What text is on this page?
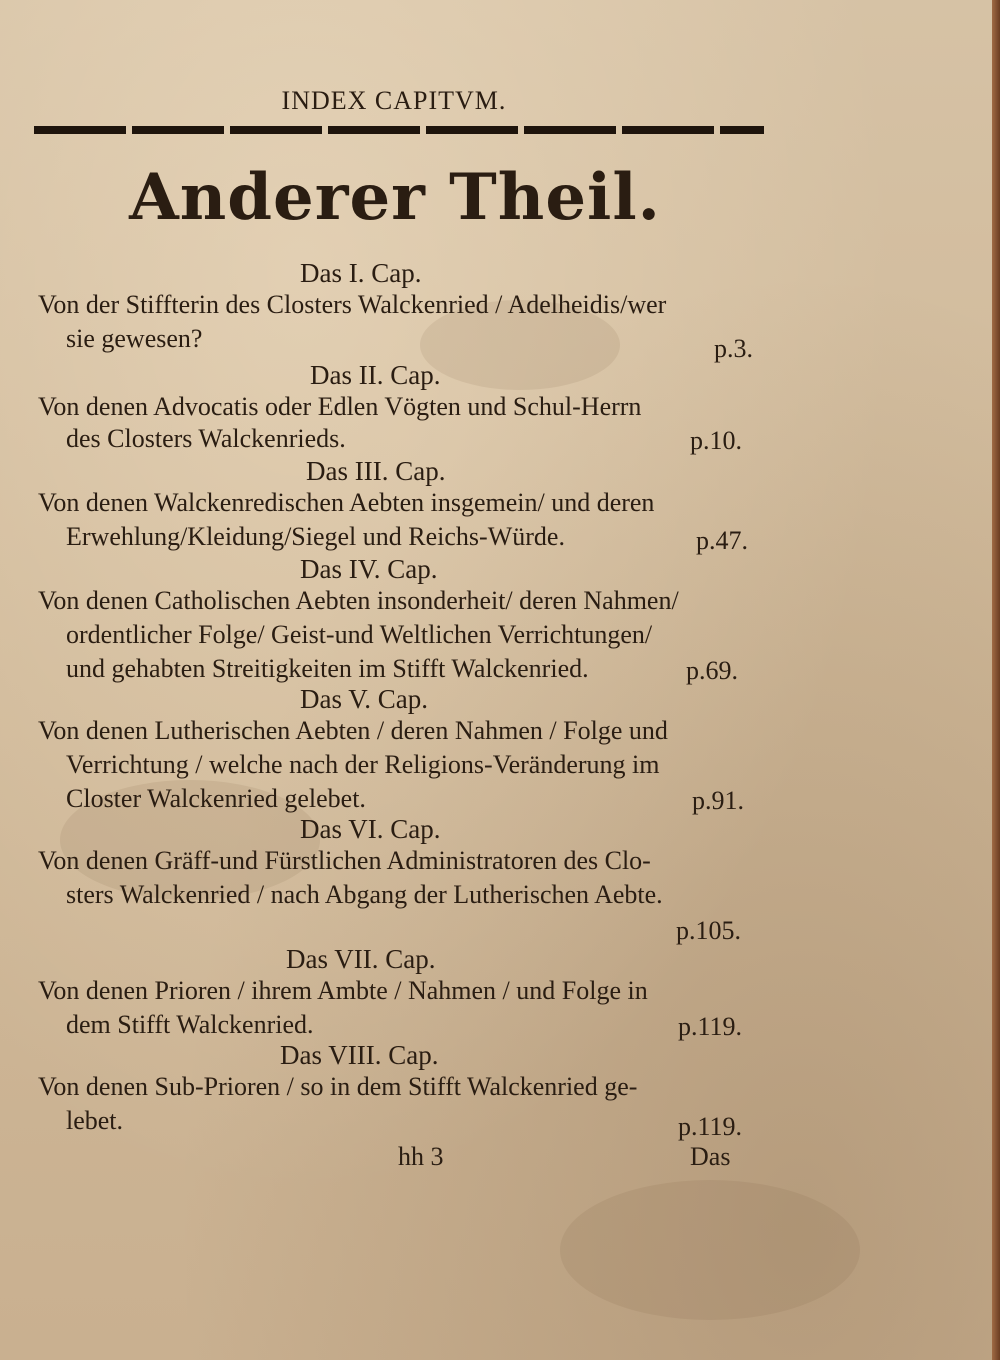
INDEX CAPITVM.
Anderer Theil.
Das I. Cap.
Von der Stiffterin des Closters Walckenried / Adelheidis/wer
sie gewesen?	p.3.
Das II. Cap.
Von denen Advocatis oder Edlen Vögten und Schul-Herrn
des Closters Walckenrieds.	p.10.
Das III. Cap.
Von denen Walckenredischen Aebten insgemein/ und deren
Erwehlung/Kleidung/Siegel und Reichs-Würde.	p.47.
Das IV. Cap.
Von denen Catholischen Aebten insonderheit/ deren Nahmen/
ordentlicher Folge/ Geist-und Weltlichen Verrichtungen/
und gehabten Streitigkeiten im Stifft Walckenried.	p.69.
Das V. Cap.
Von denen Lutherischen Aebten / deren Nahmen / Folge und
Verrichtung / welche nach der Religions-Veränderung im
Closter Walckenried gelebet.	p.91.
Das VI. Cap.
Von denen Gräff-und Fürstlichen Administratoren des Clo-
sters Walckenried / nach Abgang der Lutherischen Aebte.
p.105.
Das VII. Cap.
Von denen Prioren / ihrem Ambte / Nahmen / und Folge in
dem Stifft Walckenried.	p.119.
Das VIII. Cap.
Von denen Sub-Prioren / so in dem Stifft Walckenried ge-
lebet.	p.119.
hh 3	Das
